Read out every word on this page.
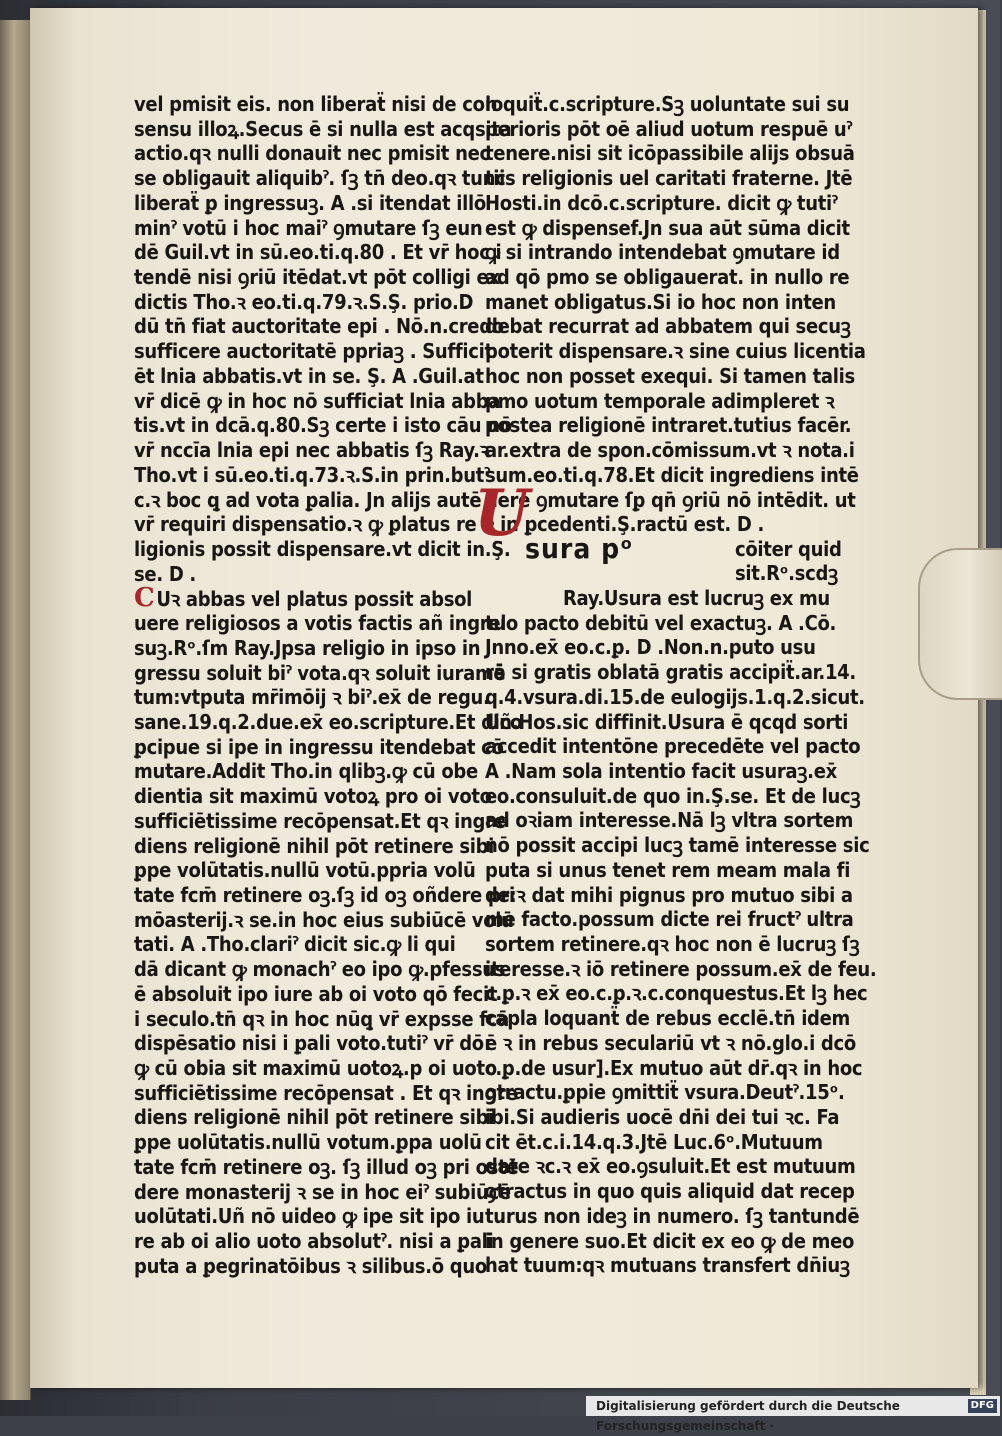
vel pmisit eis. non liberaẗ nisi de con
sensu illoꝝ.Secus ē si nulla est acqsita
actio.qꝛ nulli donauit nec pmisit nec
se obligauit aliquibˀ. ſꝫ tn̄ deo.qꝛ tunc
liberaẗ ꝑ ingressuꝫ. A .si itendat illō
minˀ votū i hoc maiˀ ꝯmutare ſꝫ eun
dē Guil.vt in sū.eo.ti.q.80 . Et vr̄ hoc i
tendē nisi ꝯriū itēdat.vt pōt colligi ex
dictis Tho.ꝛ eo.ti.q.79.ꝛ.S.Ş. prio.D
dū tn̄ fiat auctoritate epi . Nō.n.credo
sufficere auctoritatē ppriaꝫ . Sufficit
ēt lnia abbatis.vt in se. Ş. A .Guil.at
vr̄ dicē ꝙ in hoc nō sufficiat lnia abba
tis.vt in dcā.q.80.Sꝫ certe i isto cāu nō
vr̄ nccīa lnia epi nec abbatis ſꝫ Ray.ꝛ
Tho.vt i sū.eo.ti.q.73.ꝛ.S.in prin.butˀ
c.ꝛ boc ꝗ ad vota ꝑalia. Jn alijs autē
vr̄ requiri dispensatio.ꝛ ꝙ ꝑlatus re
ligionis possit dispensare.vt dicit in.Ş.
se. D .
C Uꝛ abbas vel platus possit absol
uere religiosos a votis factis añ ingrel
suꝫ.Rᵒ.ſm Ray.Jpsa religio in ipso in
gressu soluit biˀ vota.qꝛ soluit iuramē
tum:vtputa mr̄imōij ꝛ biˀ.ex̄ de regu.
sane.19.q.2.due.ex̄ eo.scripture.Et dico
ꝑcipue si ipe in ingressu itendebat cō
mutare.Addit Tho.in qlibꝫ.ꝙ cū obe
dientia sit maximū votoꝝ pro oi voto
sufficiētissime recōpensat.Et qꝛ ingre
diens religionē nihil pōt retinere sibi
ꝑpe volūtatis.nullū votū.ppria volū
tate fcm̄ retinere oꝫ.ſꝫ id oꝫ oñdere pri
mōasterij.ꝛ se.in hoc eius subiūcē volū
tati. A .Tho.clariˀ dicit sic.ꝙ li qui
dā dicant ꝙ monachˀ eo ipo ꝙ.pfessus
ē absoluit ipo iure ab oi voto qō fecit
i seculo.tn̄ qꝛ in hoc nūꝗ vr̄ expsse fcā
dispēsatio nisi i ꝑali voto.tutiˀ vr̄ dō:
ꝙ cū obia sit maximū uotoꝝ.p oi uoto
sufficiētissime recōpensat . Et qꝛ ingre
diens religionē nihil pōt retinere sibi
ꝑpe uolūtatis.nullū votum.ꝑpa uolū
tate fcm̄ retinere oꝫ. ſꝫ illud oꝫ pri ostē
dere monasterij ꝛ se in hoc eiˀ subiūcē
uolūtati.Uñ nō uideo ꝙ ipe sit ipo iu
re ab oi alio uoto absolutˀ. nisi a ꝑali
puta a ꝑegrinatōibus ꝛ silibus.ō quo
loquiẗ.c.scripture.Sꝫ uoluntate sui su
perioris pōt oē aliud uotum respuē uˀ
tenere.nisi sit icōpassibile alijs obsuā
tiis religionis uel caritati fraterne. Jtē
Hosti.in dcō.c.scripture. dicit ꝙ tutiˀ
est ꝙ dispensef.Jn sua aūt sūma dicit
ꝙ si intrando intendebat ꝯmutare id
ad qō pmo se obligauerat. in nullo re
manet obligatus.Si io hoc non inten
debat recurrat ad abbatem qui secuꝫ
poterit dispensare.ꝛ sine cuius licentia
hoc non posset exequi. Si tamen talis
pmo uotum temporale adimpleret ꝛ
postea religionē intraret.tutius facēr.
ar.extra de spon.cōmissum.vt ꝛ nota.i
sum.eo.ti.q.78.Et dicit ingrediens intē
dere ꝯmutare ſꝑ qn̄ ꝯriū nō intēdit. ut
ꝛ in ꝑcedenti.Ş.ractū est. D .
sura pᵒ	cōiter quid
sit.Rᵒ.scdꝫ
Ray.Usura est lucruꝫ ex mu
tuo pacto debitū vel exactuꝫ. A .Cō.
Jnno.ex̄ eo.c.ꝑ. D .Non.n.puto usu
rā si gratis oblatā gratis accipiẗ.ar.14.
q.4.vsura.di.15.de eulogijs.1.q.2.sicut.
Uñ.Hos.sic diffinit.Usura ē qcqd sorti
accedit intentōne precedēte vel pacto
A .Nam sola intentio facit usuraꝫ.ex̄
eo.consuluit.de quo in.Ş.se. Et de lucꝫ
ad oꝛiam interesse.Nā lꝫ vltra sortem
nō possit accipi lucꝫ tamē interesse sic
puta si unus tenet rem meam mala fi
de:ꝛ dat mihi pignus pro mutuo sibi a
me facto.possum dicte rei fructˀ ultra
sortem retinere.qꝛ hoc non ē lucruꝫ ſꝫ
iteresse.ꝛ iō retinere possum.ex̄ de feu.
c.ꝑ.ꝛ ex̄ eo.c.ꝑ.ꝛ.c.conquestus.Et lꝫ hec
capla loquanẗ de rebus ecclē.tn̄ idem
ē ꝛ in rebus seculariū vt ꝛ nō.glo.i dcō
c.ꝑ.de usur].Ex mutuo aūt dr̄.qꝛ in hoc
ꝯtractu.ꝑpie ꝯmittiẗ vsura.Deutˀ.15ᵒ.
ibi.Si audieris uocē dn̄i dei tui ꝛc. Fa
cit ēt.c.i.14.q.3.Jtē Luc.6ᵒ.Mutuum
date ꝛc.ꝛ ex̄ eo.ꝯsuluit.Et est mutuum
ꝯtractus in quo quis aliquid dat recep
turus non ideꝫ in numero. ſꝫ tantundē
in genere suo.Et dicit ex eo ꝙ de meo
hat tuum:qꝛ mutuans transfert dn̄iuꝫ
U
Digitalisierung gefördert durch die Deutsche Forschungsgemeinschaft ·
DFG
